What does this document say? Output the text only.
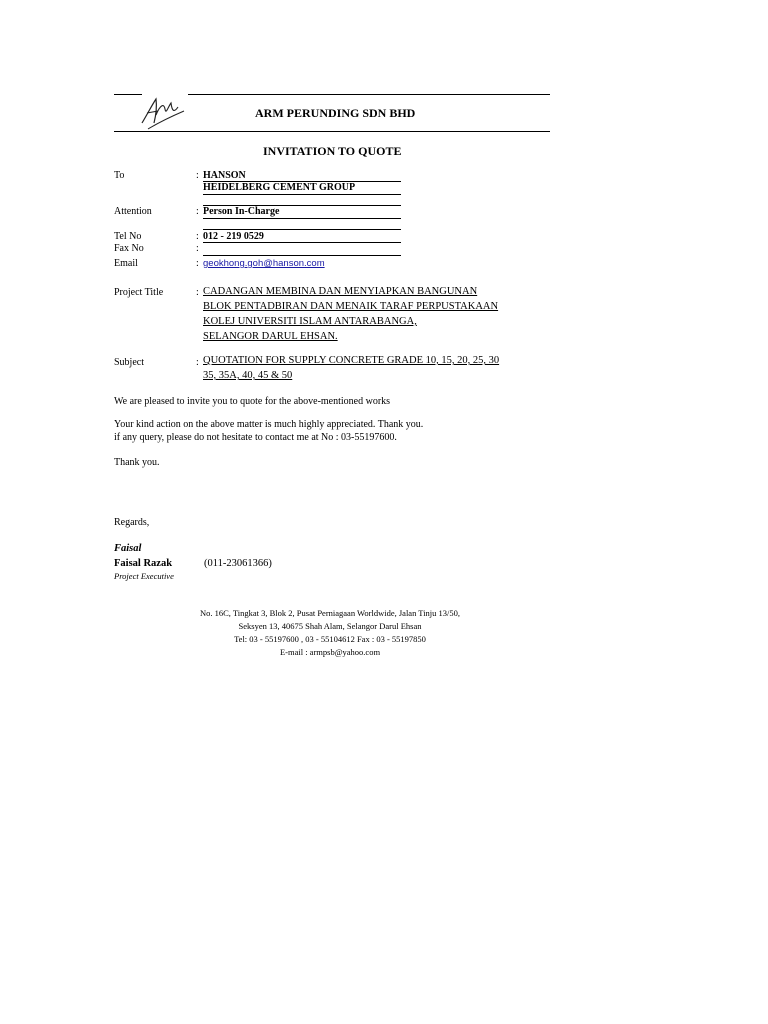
ARM PERUNDING SDN BHD
INVITATION TO QUOTE
To	: HANSON
HEIDELBERG CEMENT GROUP
Attention	: Person In-Charge
Tel No	: 012 - 219 0529
Fax No	:
Email	: geokhong.goh@hanson.com
Project Title	: CADANGAN MEMBINA DAN MENYIAPKAN BANGUNAN
BLOK PENTADBIRAN DAN MENAIK TARAF PERPUSTAKAAN
KOLEJ UNIVERSITI ISLAM ANTARABANGA,
SELANGOR DARUL EHSAN.
Subject	: QUOTATION FOR SUPPLY CONCRETE GRADE 10, 15, 20, 25, 30
35, 35A, 40, 45 & 50
We are pleased to invite you to quote for the above-mentioned works
Your kind action on the above matter is much highly appreciated. Thank you.
if any query, please do not hesitate to contact me at No : 03-55197600.
Thank you.
Regards,
Faisal
Faisal Razak	(011-23061366)
Project Executive
No. 16C, Tingkat 3, Blok 2, Pusat Perniagaan Worldwide, Jalan Tinju 13/50,
Seksyen 13, 40675 Shah Alam, Selangor Darul Ehsan
Tel: 03 - 55197600 , 03 - 55104612 Fax : 03 - 55197850
E-mail : armpsb@yahoo.com
